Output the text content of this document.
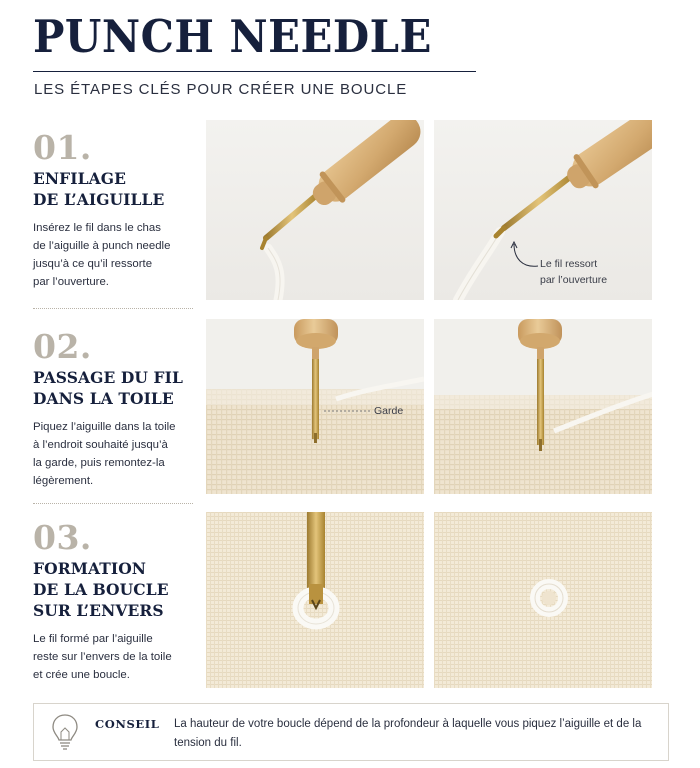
PUNCH NEEDLE
LES ÉTAPES CLÉS POUR CRÉER UNE BOUCLE
01.
ENFILAGE
DE L’AIGUILLE
Insérez le fil dans le chas
de l’aiguille à punch needle
jusqu’à ce qu’il ressorte
par l’ouverture.
02.
PASSAGE DU FIL
DANS LA TOILE
Piquez l’aiguille dans la toile
à l’endroit souhaité jusqu’à
la garde, puis remontez-la
légèrement.
03.
FORMATION
DE LA BOUCLE
SUR L’ENVERS
Le fil formé par l’aiguille
reste sur l’envers de la toile
et crée une boucle.
Le fil ressort
par l’ouverture
Garde
CONSEIL La hauteur de votre boucle dépend de la profondeur à laquelle vous piquez l’aiguille et de la tension du fil.
